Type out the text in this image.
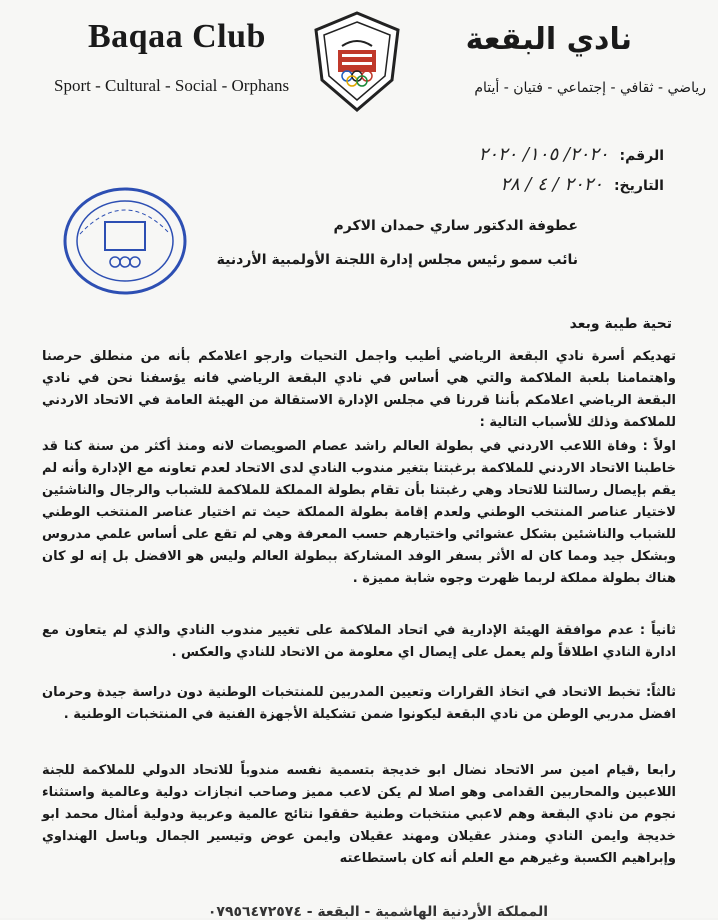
Baqaa Club
Sport - Cultural - Social - Orphans
نادي البقعة
رياضي - ثقافي - إجتماعي - فتيان - أيتام
الرقم: ٢٠٢٠/ ١٠٥/ ٢٠٢٠
التاريخ: ٢٠٢٠ / ٤ / ٢٨
عطوفة الدكتور ساري حمدان الاكرم
نائب سمو رئيس مجلس إدارة اللجنة الأولمبية الأردنية
تحية طيبة وبعد
تهديكم أسرة نادي البقعة الرياضي أطيب واجمل التحيات وارجو اعلامكم بأنه من منطلق حرصنا واهتمامنا بلعبة الملاكمة والتي هي أساس في نادي البقعة الرياضي فانه يؤسفنا نحن في نادي البقعة الرياضي اعلامكم بأننا قررنا في مجلس الإدارة الاستقالة من الهيئة العامة في الاتحاد الاردني للملاكمة وذلك للأسباب التالية :
اولاً : وفاة اللاعب الاردني في بطولة العالم راشد عصام الصويصات لانه ومنذ أكثر من سنة كنا قد خاطبنا الاتحاد الاردني للملاكمة برغبتنا بتغير مندوب النادي لدى الاتحاد لعدم تعاونه مع الإدارة وأنه لم يقم بإيصال رسالتنا للاتحاد وهي رغبتنا بأن تقام بطولة المملكة للملاكمة للشباب والرجال والناشئين لاختيار عناصر المنتخب الوطني ولعدم إقامة بطولة المملكة حيث تم اختيار عناصر المنتخب الوطني للشباب والناشئين بشكل عشوائي واختيارهم حسب المعرفة وهي لم تقع على أساس علمي مدروس وبشكل جيد ومما كان له الأثر بسفر الوفد المشاركة ببطولة العالم وليس هو الافضل بل إنه لو كان هناك بطولة مملكة لربما ظهرت وجوه شابة مميزة .
ثانياً : عدم موافقة الهيئة الإدارية في اتحاد الملاكمة على تغيير مندوب النادي والذي لم يتعاون مع ادارة النادي اطلاقاً ولم يعمل على إيصال اي معلومة من الاتحاد للنادي والعكس .
ثالثاً: تخبط الاتحاد في اتخاذ القرارات وتعيين المدربين للمنتخبات الوطنية دون دراسة جيدة وحرمان افضل مدربي الوطن من نادي البقعة ليكونوا ضمن تشكيلة الأجهزة الفنية في المنتخبات الوطنية .
رابعا ,قيام امين سر الاتحاد نضال ابو خديجة بتسمية نفسه مندوباً للاتحاد الدولي للملاكمة للجنة اللاعبين والمحاربين القدامى وهو اصلا لم يكن لاعب مميز وصاحب انجازات دولية وعالمية واستثناء نجوم من نادي البقعة وهم لاعبي منتخبات وطنية حققوا نتائج عالمية وعربية ودولية أمثال محمد ابو خديجة وايمن النادي ومنذر عقيلان ومهند عقيلان وايمن عوض وتيسير الجمال وباسل الهنداوي وإبراهيم الكسبة وغيرهم مع العلم أنه كان باستطاعته
المملكة الأردنية الهاشمية - البقعة - ٠٧٩٥٦٤٧٢٥٧٤
